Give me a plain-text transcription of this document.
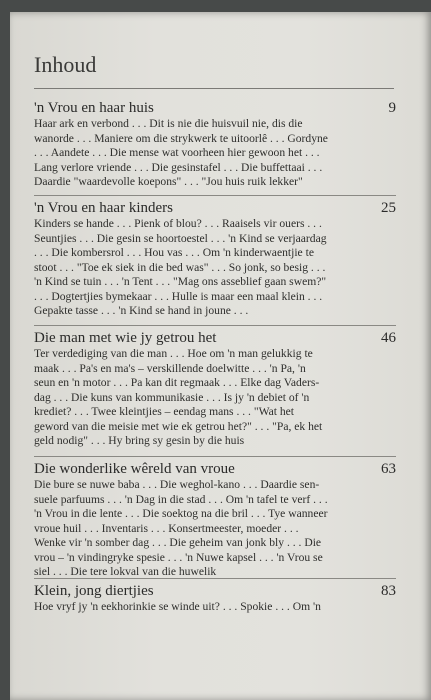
Inhoud
'n Vrou en haar huis	9
Haar ark en verbond . . . Dit is nie die huisvuil nie, dis die
wanorde . . . Maniere om die strykwerk te uitoorlê . . . Gordyne
. . . Aandete . . . Die mense wat voorheen hier gewoon het . . .
Lang verlore vriende . . . Die gesinstafel . . . Die buffettaai . . .
Daardie "waardevolle koepons" . . . "Jou huis ruik lekker"
'n Vrou en haar kinders	25
Kinders se hande . . . Pienk of blou? . . . Raaisels vir ouers . . .
Seuntjies . . . Die gesin se hoortoestel . . . 'n Kind se verjaardag
. . . Die kombersrol . . . Hou vas . . . Om 'n kinderwaentjie te
stoot . . . "Toe ek siek in die bed was" . . . So jonk, so besig . . .
'n Kind se tuin . . . 'n Tent . . . "Mag ons asseblief gaan swem?"
. . . Dogtertjies bymekaar . . . Hulle is maar een maal klein . . .
Gepakte tasse . . . 'n Kind se hand in joune . . .
Die man met wie jy getrou het	46
Ter verdediging van die man . . . Hoe om 'n man gelukkig te
maak . . . Pa's en ma's – verskillende doelwitte . . . 'n Pa, 'n
seun en 'n motor . . . Pa kan dit regmaak . . . Elke dag Vaders-
dag . . . Die kuns van kommunikasie . . . Is jy 'n debiet of 'n
krediet? . . . Twee kleintjies – eendag mans . . . "Wat het
geword van die meisie met wie ek getrou het?" . . . "Pa, ek het
geld nodig" . . . Hy bring sy gesin by die huis
Die wonderlike wêreld van vroue	63
Die bure se nuwe baba . . . Die weghol-kano . . . Daardie sen-
suele parfuums . . . 'n Dag in die stad . . . Om 'n tafel te verf . . .
'n Vrou in die lente . . . Die soektog na die bril . . . Tye wanneer
vroue huil . . . Inventaris . . . Konsertmeester, moeder . . .
Wenke vir 'n somber dag . . . Die geheim van jonk bly . . . Die
vrou – 'n vindingryke spesie . . . 'n Nuwe kapsel . . . 'n Vrou se
siel . . . Die tere lokval van die huwelik
Klein, jong diertjies	83
Hoe vryf jy 'n eekhorinkie se winde uit? . . . Spokie . . . Om 'n
